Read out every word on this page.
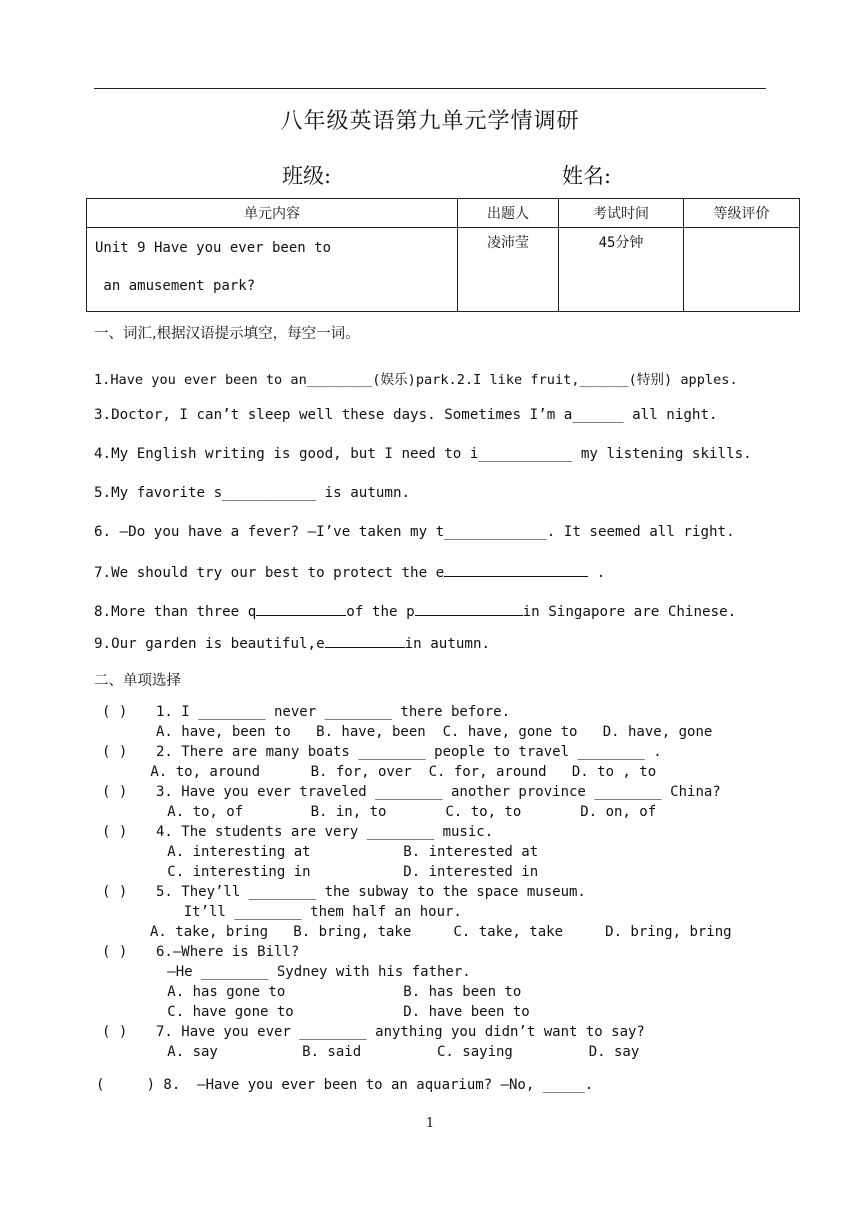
八年级英语第九单元学情调研
班级:	姓名:
单元内容	出题人	考试时间	等级评价

Unit 9 Have you ever been to
an amusement park?	凌沛莹	45分钟	
一、词汇,根据汉语提示填空，每空一词。
1.Have you ever been to an________(娱乐)park.2.I like fruit,______(特别) apples.
3.Doctor, I can’t sleep well these days. Sometimes I’m a______ all night.
4.My English writing is good, but I need to i___________ my listening skills.
5.My favorite s___________ is autumn.
6. –Do you have a fever? –I’ve taken my t____________. It seemed all right.
7.We should try our best to protect the e	.
8.More than three q	of the p	in Singapore are Chinese.
9.Our garden is beautiful,e	in autumn.
二、单项选择
( ) 1. I ________ never ________ there before.
A. have, been to   B. have, been  C. have, gone to   D. have, gone
( ) 2. There are many boats ________ people to travel ________ .
A. to, around      B. for, over  C. for, around   D. to , to
( ) 3. Have you ever traveled ________ another province ________ China?
A. to, of        B. in, to       C. to, to       D. on, of
( ) 4. The students are very ________ music.
A. interesting at           B. interested at
C. interesting in           D. interested in
( ) 5. They’ll ________ the subway to the space museum.
It’ll ________ them half an hour.
A. take, bring   B. bring, take     C. take, take     D. bring, bring
( ) 6.—Where is Bill?
—He ________ Sydney with his father.
A. has gone to              B. has been to
C. have gone to             D. have been to
( ) 7. Have you ever ________ anything you didn’t want to say?
A. say          B. said         C. saying         D. say
(     ) 8.  –Have you ever been to an aquarium? –No, _____.
1
